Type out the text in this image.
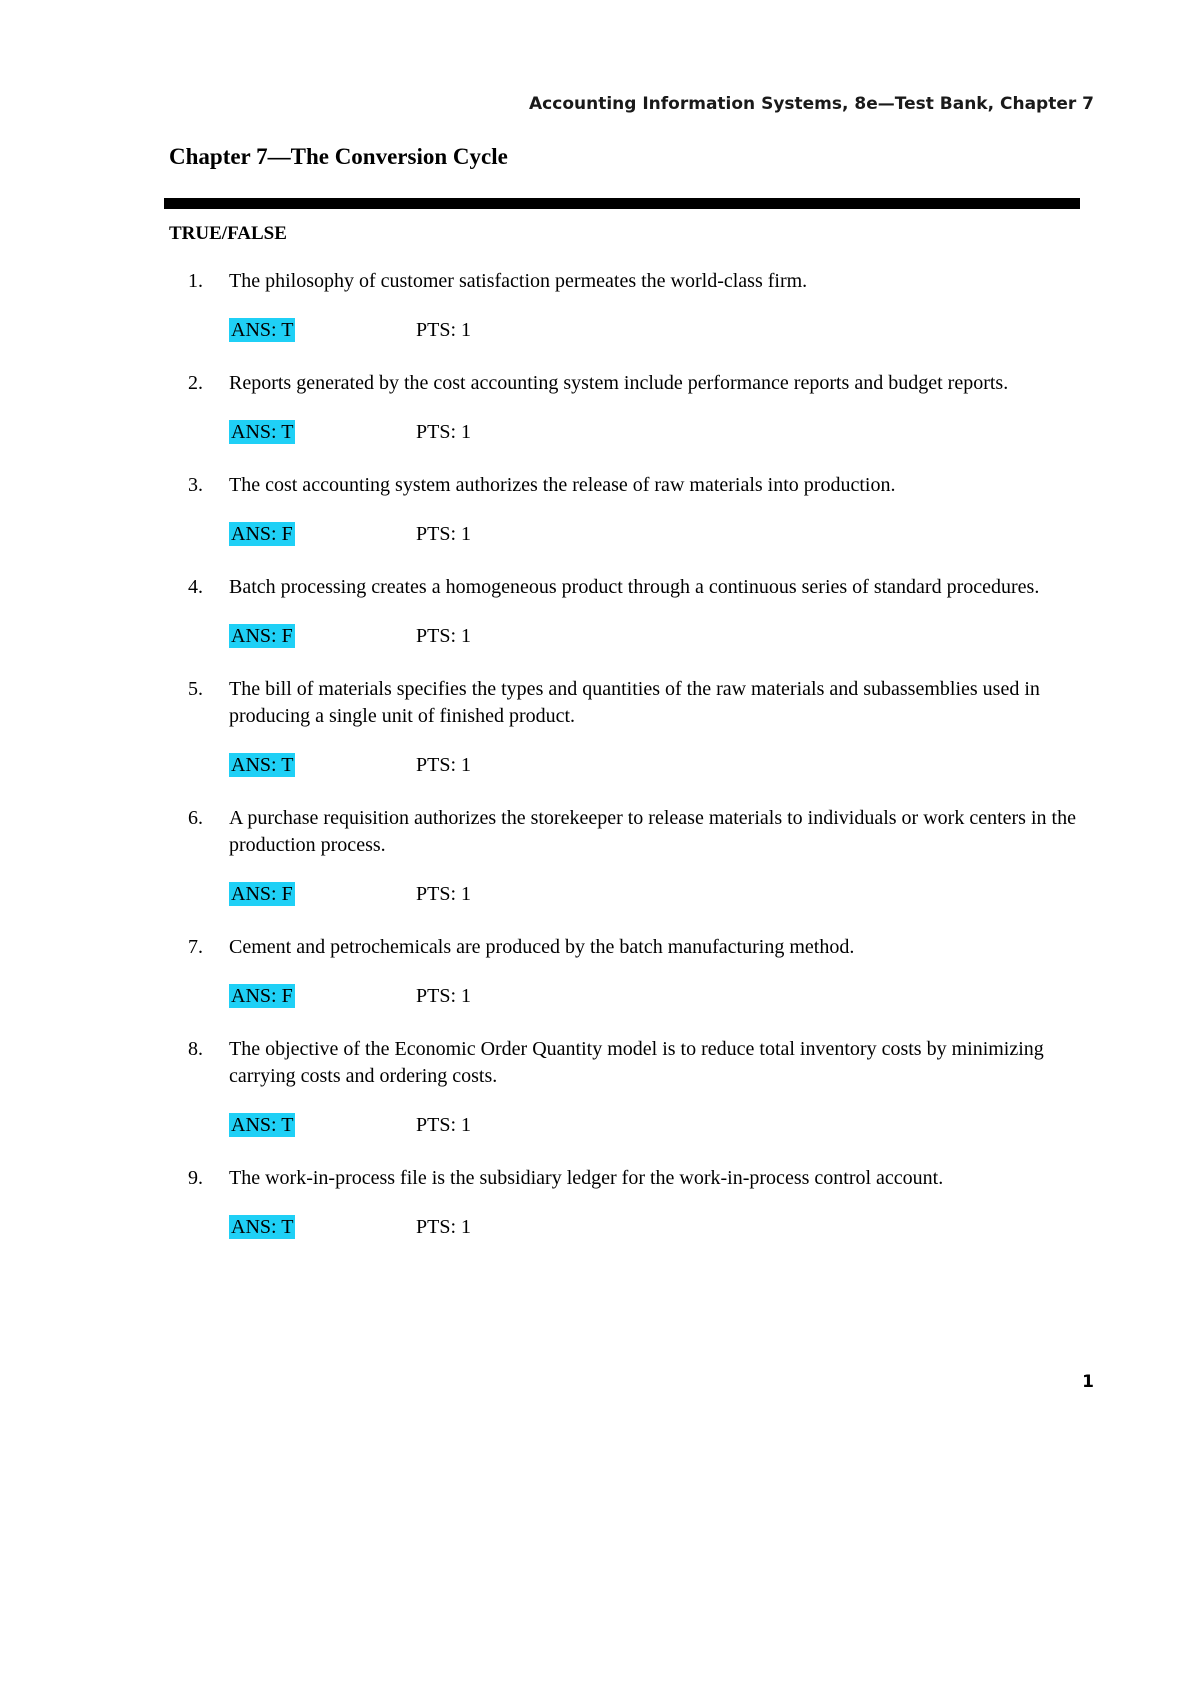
Accounting Information Systems, 8e—Test Bank, Chapter 7
Chapter 7—The Conversion Cycle
TRUE/FALSE
1.	The philosophy of customer satisfaction permeates the world-class firm.
ANS: T	PTS: 1
2.	Reports generated by the cost accounting system include performance reports and budget reports.
ANS: T	PTS: 1
3.	The cost accounting system authorizes the release of raw materials into production.
ANS: F	PTS: 1
4.	Batch processing creates a homogeneous product through a continuous series of standard procedures.
ANS: F	PTS: 1
5.	The bill of materials specifies the types and quantities of the raw materials and subassemblies used in producing a single unit of finished product.
ANS: T	PTS: 1
6.	A purchase requisition authorizes the storekeeper to release materials to individuals or work centers in the production process.
ANS: F	PTS: 1
7.	Cement and petrochemicals are produced by the batch manufacturing method.
ANS: F	PTS: 1
8.	The objective of the Economic Order Quantity model is to reduce total inventory costs by minimizing carrying costs and ordering costs.
ANS: T	PTS: 1
9.	The work-in-process file is the subsidiary ledger for the work-in-process control account.
ANS: T	PTS: 1
1
